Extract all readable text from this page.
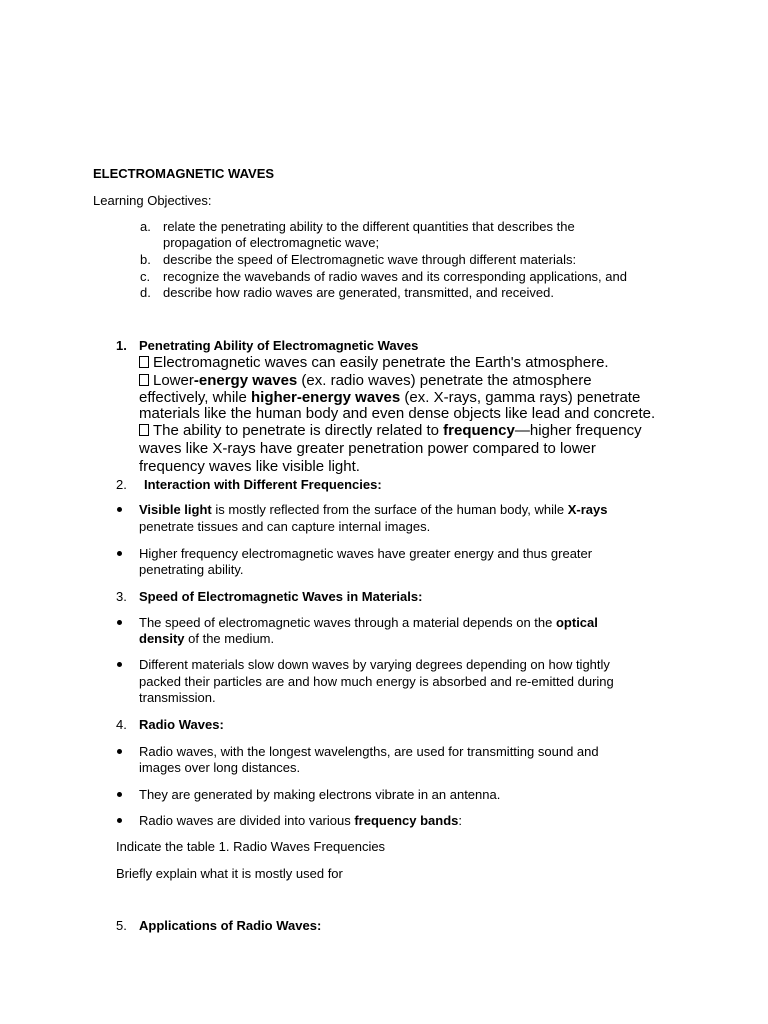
ELECTROMAGNETIC WAVES
Learning Objectives:
a. relate the penetrating ability to the different quantities that describes the
propagation of electromagnetic wave;
b. describe the speed of Electromagnetic wave through different materials:
c. recognize the wavebands of radio waves and its corresponding applications, and
d. describe how radio waves are generated, transmitted, and received.
1. Penetrating Ability of Electromagnetic Waves
Electromagnetic waves can easily penetrate the Earth's atmosphere.
Lower-energy waves (ex. radio waves) penetrate the atmosphere
effectively, while higher-energy waves (ex. X-rays, gamma rays) penetrate
materials like the human body and even dense objects like lead and concrete.
The ability to penetrate is directly related to frequency—higher frequency
waves like X-rays have greater penetration power compared to lower
frequency waves like visible light.
2. Interaction with Different Frequencies:
Visible light is mostly reflected from the surface of the human body, while X-rays
penetrate tissues and can capture internal images.
Higher frequency electromagnetic waves have greater energy and thus greater
penetrating ability.
3. Speed of Electromagnetic Waves in Materials:
The speed of electromagnetic waves through a material depends on the optical
density of the medium.
Different materials slow down waves by varying degrees depending on how tightly
packed their particles are and how much energy is absorbed and re-emitted during
transmission.
4. Radio Waves:
Radio waves, with the longest wavelengths, are used for transmitting sound and
images over long distances.
They are generated by making electrons vibrate in an antenna.
Radio waves are divided into various frequency bands:
Indicate the table 1. Radio Waves Frequencies
Briefly explain what it is mostly used for
5. Applications of Radio Waves:
